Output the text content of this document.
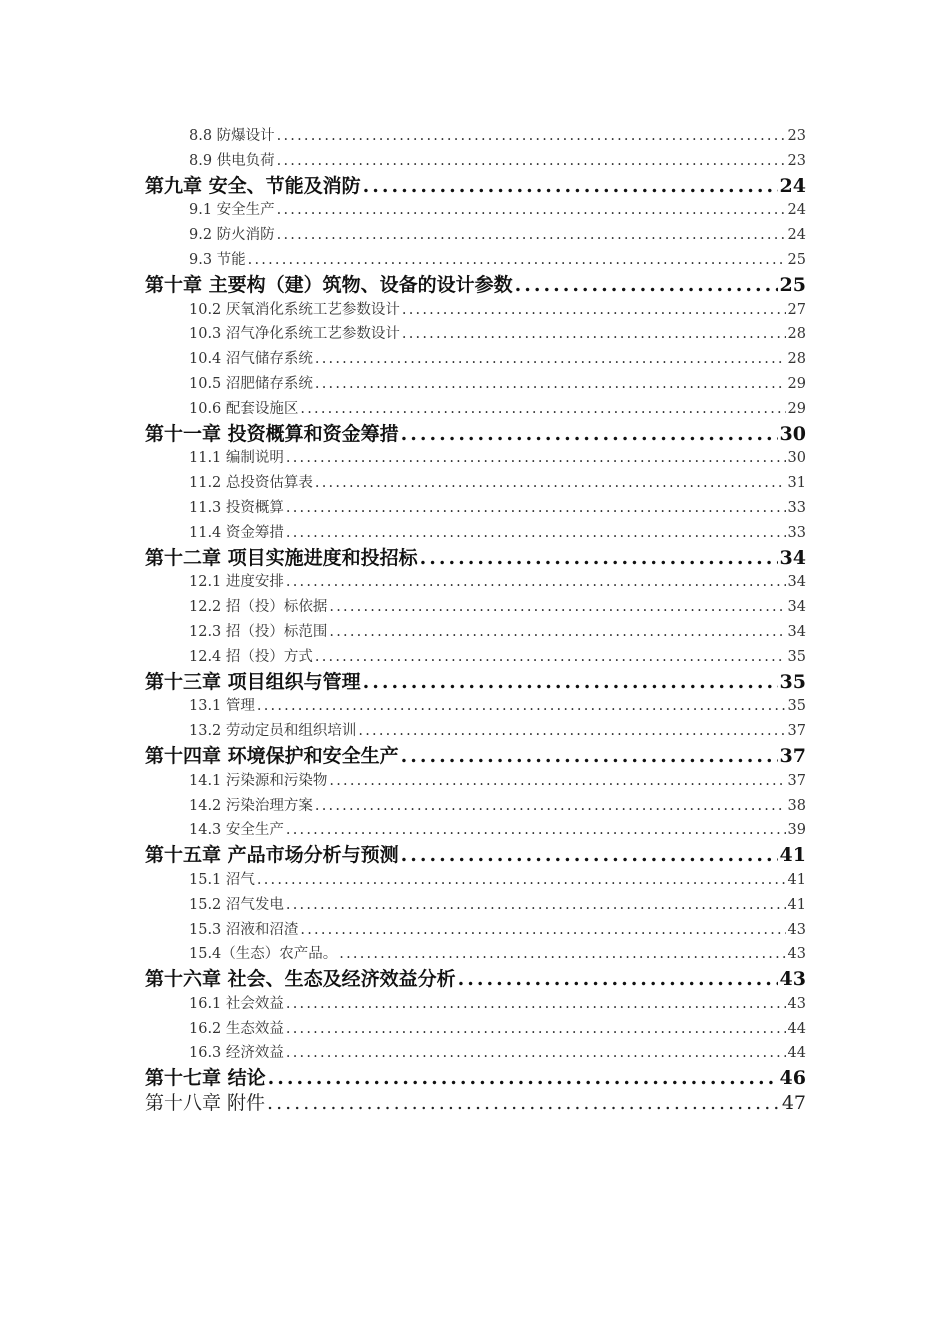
8.8 防爆设计 .....	23
8.9 供电负荷 .....	23
第九章 安全、节能及消防 .....	24
9.1 安全生产 .....	24
9.2 防火消防 .....	24
9.3 节能 .....	25
第十章 主要构（建）筑物、设备的设计参数 .....	25
10.2 厌氧消化系统工艺参数设计 .....	27
10.3 沼气净化系统工艺参数设计 .....	28
10.4 沼气储存系统 .....	28
10.5 沼肥储存系统 .....	29
10.6 配套设施区 .....	29
第十一章 投资概算和资金筹措 .....	30
11.1 编制说明 .....	30
11.2 总投资估算表 .....	31
11.3 投资概算 .....	33
11.4 资金筹措 .....	33
第十二章 项目实施进度和投招标 .....	34
12.1 进度安排 .....	34
12.2 招（投）标依据 .....	34
12.3 招（投）标范围 .....	34
12.4 招（投）方式 .....	35
第十三章 项目组织与管理 .....	35
13.1 管理 .....	35
13.2 劳动定员和组织培训 .....	37
第十四章 环境保护和安全生产 .....	37
14.1 污染源和污染物 .....	37
14.2 污染治理方案 .....	38
14.3 安全生产 .....	39
第十五章 产品市场分析与预测 .....	41
15.1 沼气 .....	41
15.2 沼气发电 .....	41
15.3 沼液和沼渣 .....	43
15.4（生态）农产品。 .....	43
第十六章 社会、生态及经济效益分析 .....	43
16.1 社会效益 .....	43
16.2 生态效益 .....	44
16.3 经济效益 .....	44
第十七章 结论 .....	46
第十八章 附件 .....	47
